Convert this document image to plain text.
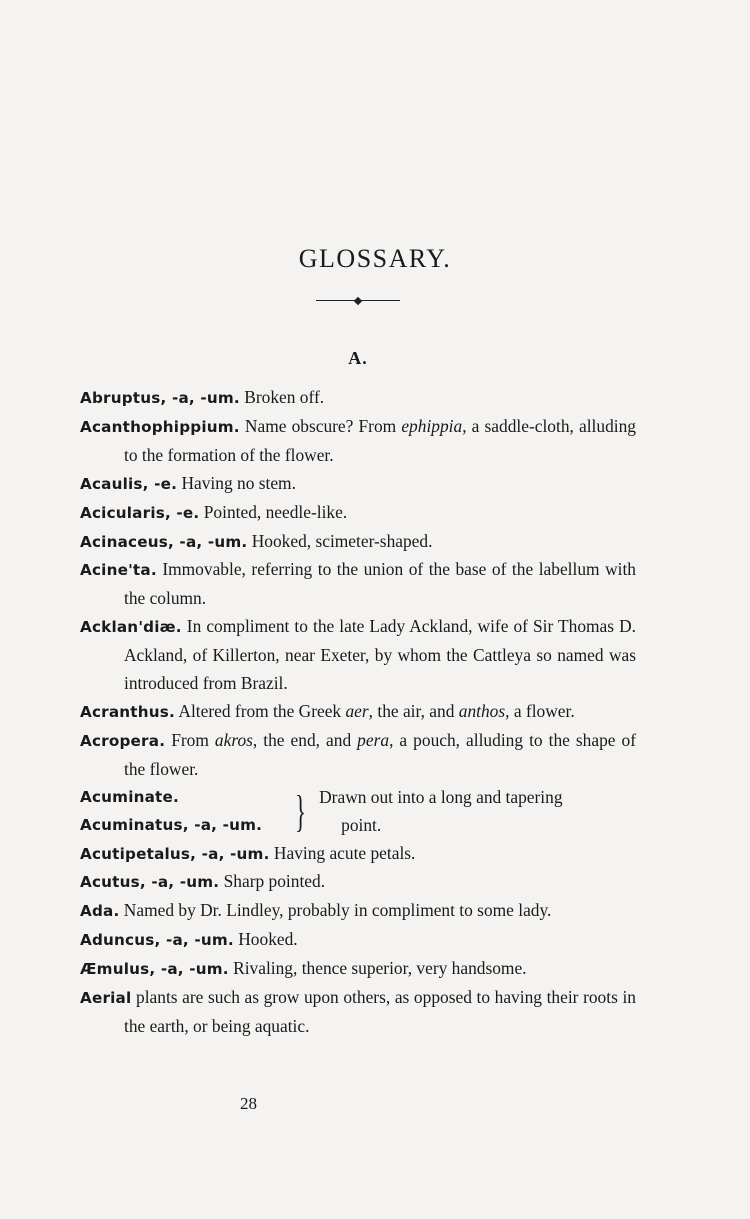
GLOSSARY.
A.

Abruptus, -a, -um. Broken off.

Acanthophippium. Name obscure? From ephippia, a saddle-cloth, alluding to the formation of the flower.

Acaulis, -e. Having no stem.

Acicularis, -e. Pointed, needle-like.

Acinaceus, -a, -um. Hooked, scimeter-shaped.

Acine'ta. Immovable, referring to the union of the base of the labellum with the column.

Acklan'diæ. In compliment to the late Lady Ackland, wife of Sir Thomas D. Ackland, of Killerton, near Exeter, by whom the Cattleya so named was introduced from Brazil.

Acranthus. Altered from the Greek aer, the air, and anthos, a flower.

Acropera. From akros, the end, and pera, a pouch, alluding to the shape of the flower.

Acuminate.
Acuminatus, -a, -um. } Drawn out into a long and tapering
point.

Acutipetalus, -a, -um. Having acute petals.

Acutus, -a, -um. Sharp pointed.

Ada. Named by Dr. Lindley, probably in compliment to some lady.

Aduncus, -a, -um. Hooked.

Æmulus, -a, -um. Rivaling, thence superior, very handsome.

Aerial plants are such as grow upon others, as opposed to having their roots in the earth, or being aquatic.

28
